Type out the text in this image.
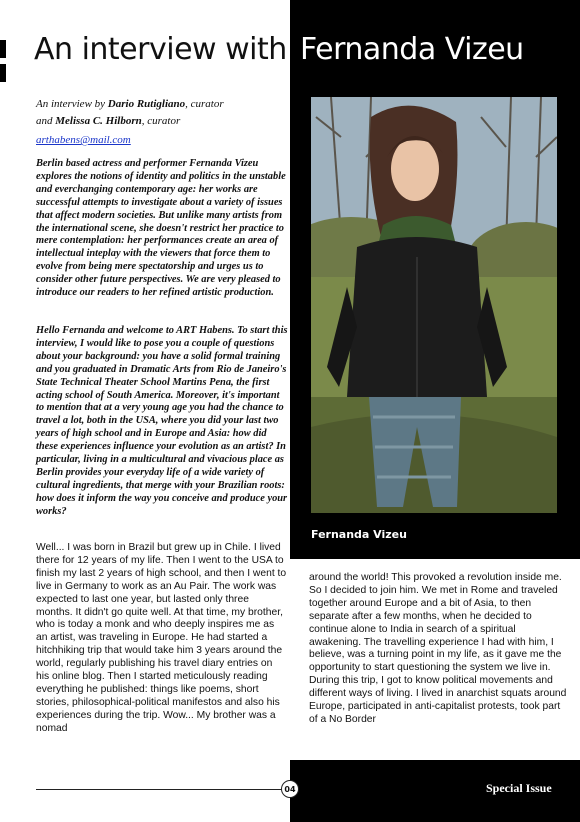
An interview with Fernanda Vizeu
An interview by Dario Rutigliano, curator
and Melissa C. Hilborn, curator
arthabens@mail.com

Berlin based actress and performer Fernanda Vizeu explores the notions of identity and politics in the unstable and everchanging contemporary age: her works are successful attempts to investigate about a variety of issues that affect modern societies. But unlike many artists from the international scene, she doesn't restrict her practice to mere contemplation: her performances create an area of intellectual inteplay with the viewers that force them to evolve from being mere spectatorship and urges us to consider other future perspectives. We are very pleased to introduce our readers to her refined artistic production.

Hello Fernanda and welcome to ART Habens. To start this interview, I would like to pose you a couple of questions about your background: you have a solid formal training and you graduated in Dramatic Arts from Rio de Janeiro's State Technical Theater School Martins Pena, the first acting school of South America. Moreover, it's important to mention that at a very young age you had the chance to travel a lot, both in the USA, where you did your last two years of high school and in Europe and Asia: how did these experiences influence your evolution as an artist? In particular, living in a multicultural and vivacious place as Berlin provides your everyday life of a wide variety of cultural ingredients, that merge with your Brazilian roots: how does it inform the way you conceive and produce your works?

Well... I was born in Brazil but grew up in Chile. I lived there for 12 years of my life. Then I went to the USA to finish my last 2 years of high school, and then I went to live in Germany to work as an Au Pair. The work was expected to last one year, but lasted only three months. It didn't go quite well. At that time, my brother, who is today a monk and who deeply inspires me as an artist, was traveling in Europe. He had started a hitchhiking trip that would take him 3 years around the world, regularly publishing his travel diary entries on his online blog. Then I started meticulously reading everything he published: things like poems, short stories, philosophical-political manifestos and also his experiences during the trip. Wow... My brother was a nomad

around the world! This provoked a revolution inside me. So I decided to join him. We met in Rome and traveled together around Europe and a bit of Asia, to then separate after a few months, when he decided to continue alone to India in search of a spiritual awakening. The travelling experience I had with him, I believe, was a turning point in my life, as it gave me the opportunity to start questioning the system we live in. During this trip, I got to know political movements and different ways of living. I lived in anarchist squats around Europe, participated in anti-capitalist protests, took part of a No Border

Fernanda Vizeu
04	Special Issue
